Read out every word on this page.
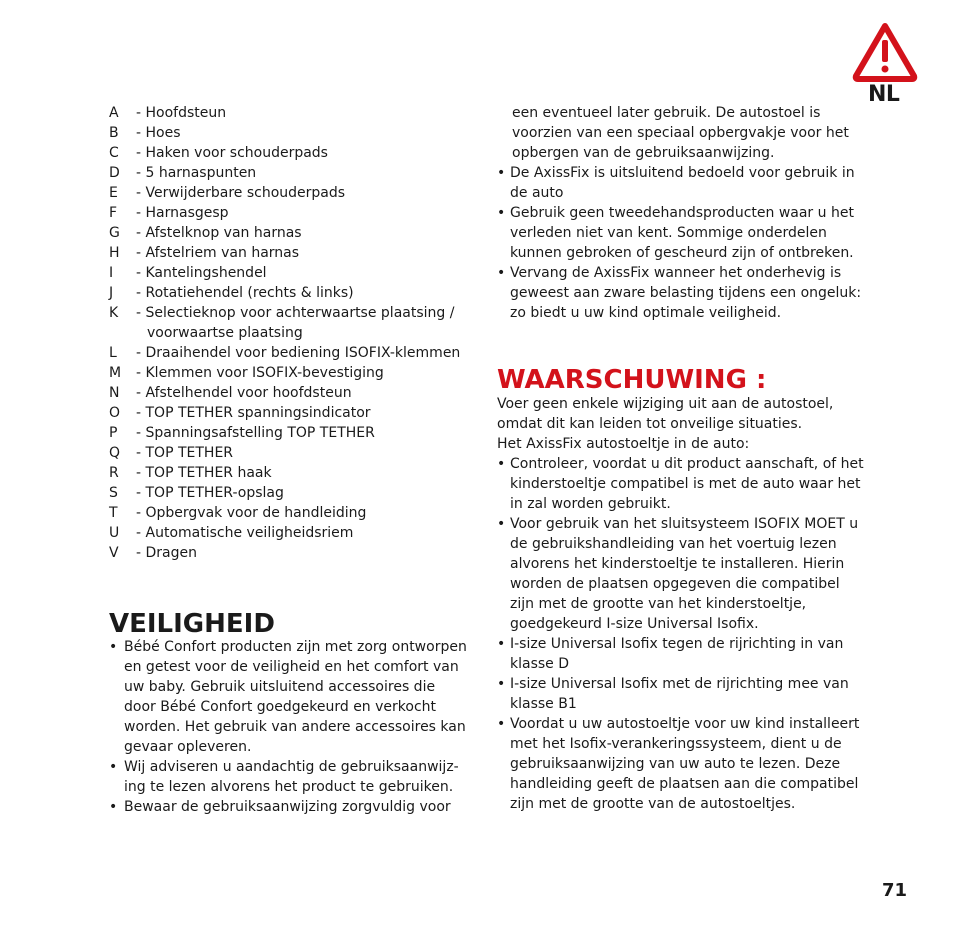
NL
A	- Hoofdsteun
B	- Hoes
C	- Haken voor schouderpads
D	- 5 harnaspunten
E	- Verwijderbare schouderpads
F	- Harnasgesp
G	- Afstelknop van harnas
H	- Afstelriem van harnas
I	- Kantelingshendel
J	- Rotatiehendel (rechts & links)
K	- Selectieknop voor achterwaartse plaatsing /
voorwaartse plaatsing
L	- Draaihendel voor bediening ISOFIX-klemmen
M	- Klemmen voor ISOFIX-bevestiging
N	- Afstelhendel voor hoofdsteun
O	- TOP TETHER spanningsindicator
P	- Spanningsafstelling TOP TETHER
Q	- TOP TETHER
R	- TOP TETHER haak
S	- TOP TETHER-opslag
T	- Opbergvak voor de handleiding
U	- Automatische veiligheidsriem
V	- Dragen
VEILIGHEID
• Bébé Confort producten zijn met zorg ontworpen en getest voor de veiligheid en het comfort van uw baby. Gebruik uitsluitend accessoires die door Bébé Confort goedgekeurd en verkocht worden. Het gebruik van andere accessoires kan gevaar opleveren.
• Wij adviseren u aandachtig de gebruiksaanwijz-ing te lezen alvorens het product te gebruiken.
• Bewaar de gebruiksaanwijzing zorgvuldig voor
een eventueel later gebruik. De autostoel is voorzien van een speciaal opbergvakje voor het opbergen van de gebruiksaanwijzing.
• De AxissFix is uitsluitend bedoeld voor gebruik in de auto
• Gebruik geen tweedehandsproducten waar u het verleden niet van kent. Sommige onderdelen kunnen gebroken of gescheurd zijn of ontbreken.
• Vervang de AxissFix wanneer het onderhevig is geweest aan zware belasting tijdens een ongeluk: zo biedt u uw kind optimale veiligheid.
WAARSCHUWING :
Voer geen enkele wijziging uit aan de autostoel, omdat dit kan leiden tot onveilige situaties.
Het AxissFix autostoeltje in de auto:
• Controleer, voordat u dit product aanschaft, of het kinderstoeltje compatibel is met de auto waar het in zal worden gebruikt.
• Voor gebruik van het sluitsysteem ISOFIX MOET u de gebruikshandleiding van het voertuig lezen alvorens het kinderstoeltje te installeren. Hierin worden de plaatsen opgegeven die compatibel zijn met de grootte van het kinderstoeltje, goedgekeurd I-size Universal Isofix.
• I-size Universal Isofix tegen de rijrichting in van klasse D
• I-size Universal Isofix met de rijrichting mee van klasse B1
• Voordat u uw autostoeltje voor uw kind installeert met het Isofix-verankeringssysteem, dient u de gebruiksaanwijzing van uw auto te lezen. Deze handleiding geeft de plaatsen aan die compatibel zijn met de grootte van de autostoeltjes.
71
